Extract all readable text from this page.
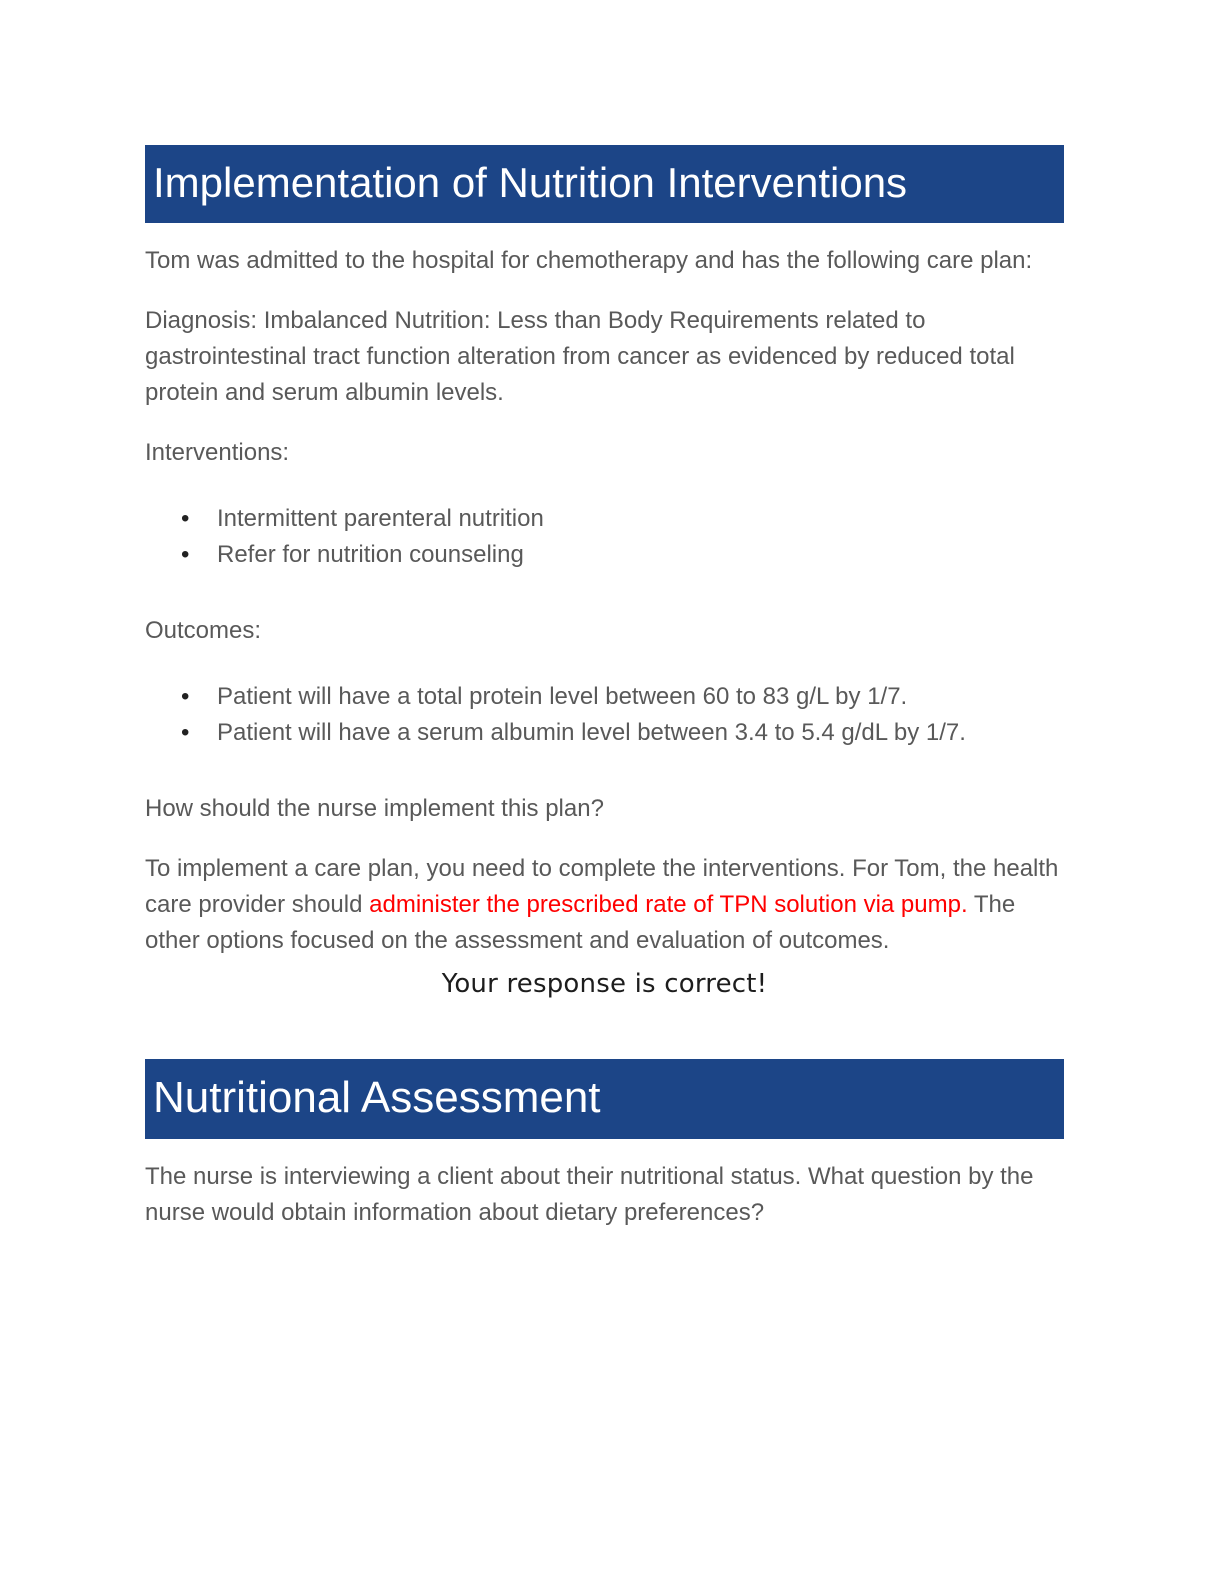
Implementation of Nutrition Interventions

Tom was admitted to the hospital for chemotherapy and has the following care plan:

Diagnosis: Imbalanced Nutrition: Less than Body Requirements related to gastrointestinal tract function alteration from cancer as evidenced by reduced total protein and serum albumin levels.

Interventions:

• Intermittent parenteral nutrition
• Refer for nutrition counseling

Outcomes:

• Patient will have a total protein level between 60 to 83 g/L by 1/7.
• Patient will have a serum albumin level between 3.4 to 5.4 g/dL by 1/7.

How should the nurse implement this plan?

To implement a care plan, you need to complete the interventions. For Tom, the health care provider should administer the prescribed rate of TPN solution via pump. The other options focused on the assessment and evaluation of outcomes.

Your response is correct!
Nutritional Assessment

The nurse is interviewing a client about their nutritional status. What question by the nurse would obtain information about dietary preferences?
